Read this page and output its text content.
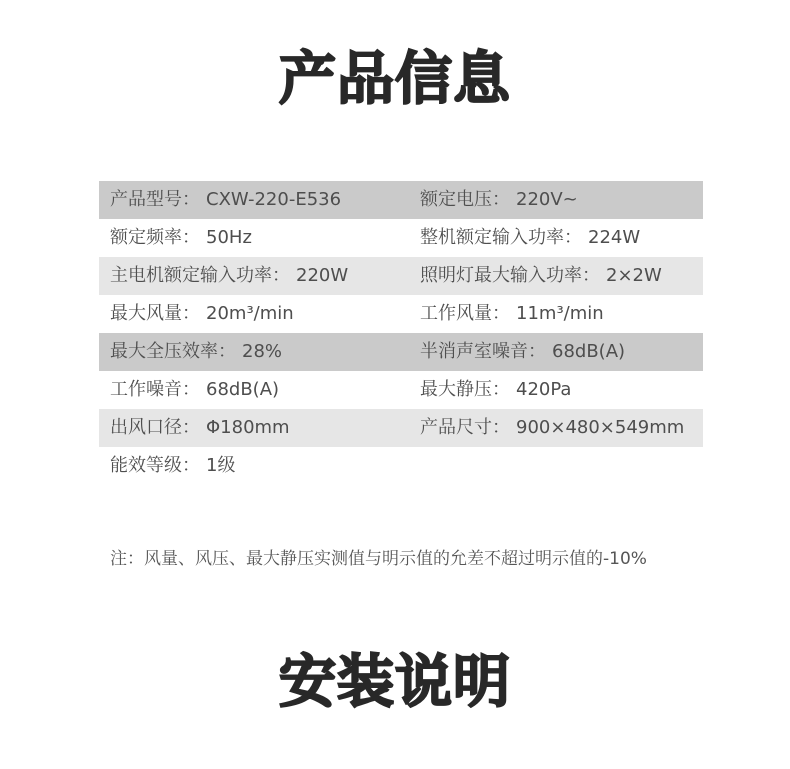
产品信息
产品型号： CXW-220-E536	额定电压： 220V~
额定频率： 50Hz	整机额定输入功率： 224W
主电机额定输入功率： 220W	照明灯最大输入功率： 2×2W
最大风量： 20m³/min	工作风量： 11m³/min
最大全压效率： 28%	半消声室噪音： 68dB(A)
工作噪音： 68dB(A)	最大静压： 420Pa
出风口径： Φ180mm	产品尺寸： 900×480×549mm
能效等级： 1级

注：风量、风压、最大静压实测值与明示值的允差不超过明示值的-10%

安装说明
